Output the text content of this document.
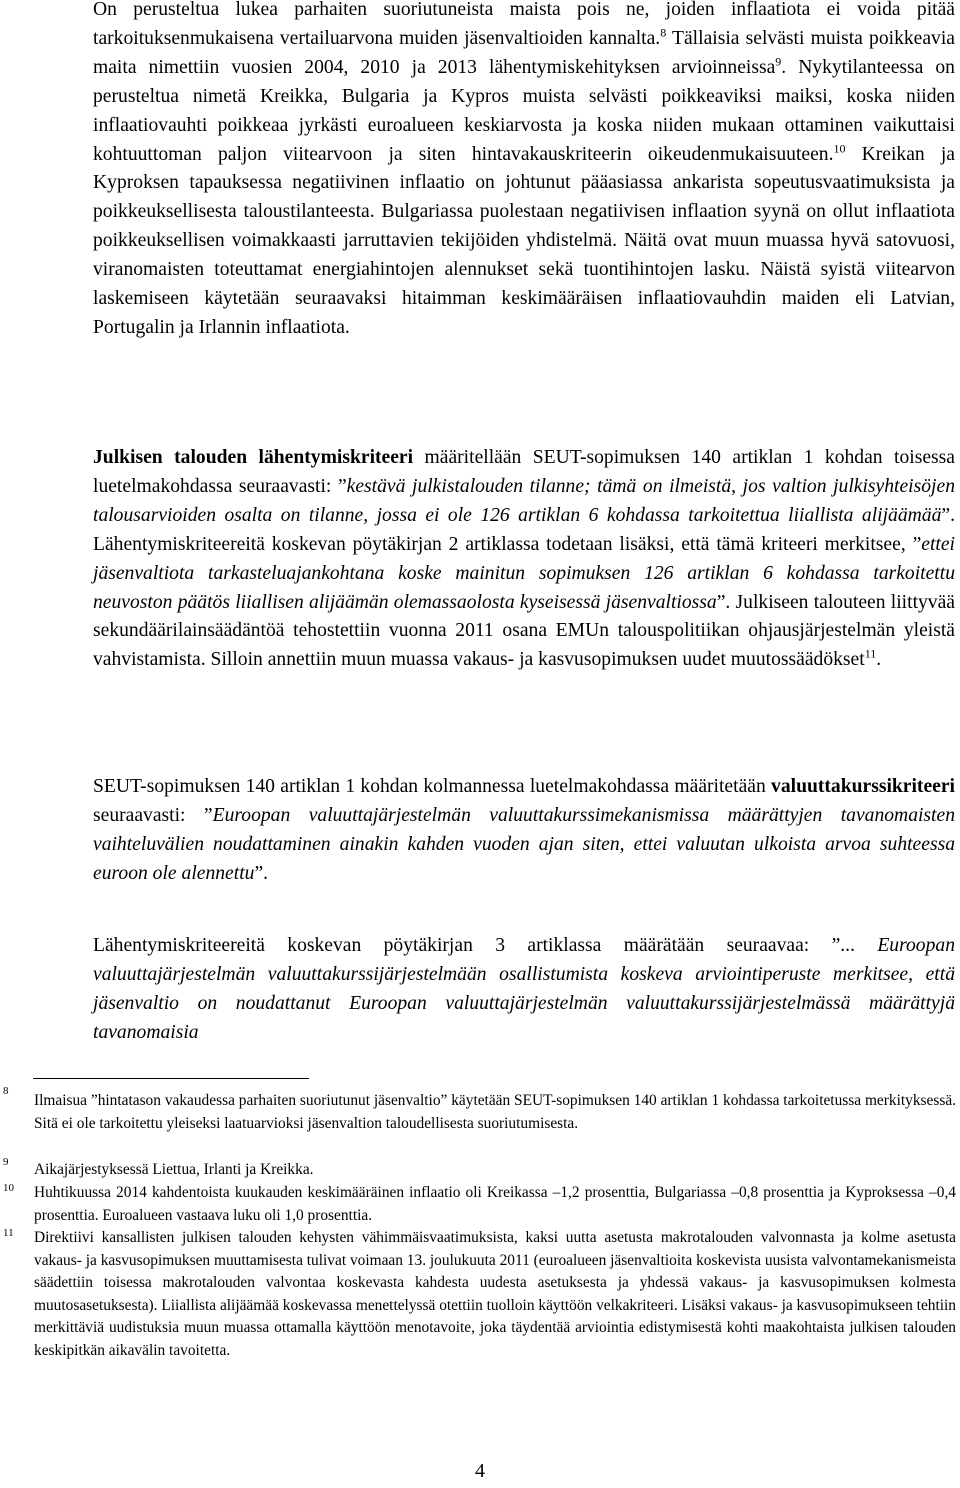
On perusteltua lukea parhaiten suoriutuneista maista pois ne, joiden inflaatiota ei voida pitää tarkoituksenmukaisena vertailuarvona muiden jäsenvaltioiden kannalta.$^8$ Tällaisia selvästi muista poikkeavia maita nimettiin vuosien 2004, 2010 ja 2013 lähentymiskehityksen arvioinneissa$^9$. Nykytilanteessa on perusteltua nimetä Kreikka, Bulgaria ja Kypros muista selvästi poikkeaviksi maiksi, koska niiden inflaatiovauhti poikkeaa jyrkästi euroalueen keskiarvosta ja koska niiden mukaan ottaminen vaikuttaisi kohtuuttoman paljon viitearvoon ja siten hintavakauskriteerin oikeudenmukaisuuteen.$^{10}$ Kreikan ja Kyproksen tapauksessa negatiivinen inflaatio on johtunut pääasiassa ankarista sopeutusvaatimuksista ja poikkeuksellisesta taloustilanteesta. Bulgariassa puolestaan negatiivisen inflaation syynä on ollut inflaatiota poikkeuksellisen voimakkaasti jarruttavien tekijöiden yhdistelmä. Näitä ovat muun muassa hyvä satovuosi, viranomaisten toteuttamat energiahintojen alennukset sekä tuontihintojen lasku. Näistä syistä viitearvon laskemiseen käytetään seuraavaksi hitaimman keskimääräisen inflaatiovauhdin maiden eli Latvian, Portugalin ja Irlannin inflaatiota.

Julkisen talouden lähentymiskriteeri määritellään SEUT-sopimuksen 140 artiklan 1 kohdan toisessa luetelmakohdassa seuraavasti: ”kestävä julkistalouden tilanne; tämä on ilmeistä, jos valtion julkisyhteisöjen talousarvioiden osalta on tilanne, jossa ei ole 126 artiklan 6 kohdassa tarkoitettua liiallista alijäämää”. Lähentymiskriteereitä koskevan pöytäkirjan 2 artiklassa todetaan lisäksi, että tämä kriteeri merkitsee, ”ettei jäsenvaltiota tarkasteluajankohtana koske mainitun sopimuksen 126 artiklan 6 kohdassa tarkoitettu neuvoston päätös liiallisen alijäämän olemassaolosta kyseisessä jäsenvaltiossa”. Julkiseen talouteen liittyvää sekundäärilainsäädäntöä tehostettiin vuonna 2011 osana EMUn talouspolitiikan ohjausjärjestelmän yleistä vahvistamista. Silloin annettiin muun muassa vakaus- ja kasvusopimuksen uudet muutossäädökset$^{11}$.

SEUT-sopimuksen 140 artiklan 1 kohdan kolmannessa luetelmakohdassa määritetään valuuttakurssikriteeri seuraavasti: ”Euroopan valuuttajärjestelmän valuuttakurssimekanismissa määrättyjen tavanomaisten vaihteluvälien noudattaminen ainakin kahden vuoden ajan siten, ettei valuutan ulkoista arvoa suhteessa euroon ole alennettu”.

Lähentymiskriteereitä koskevan pöytäkirjan 3 artiklassa määrätään seuraavaa: ”... Euroopan valuuttajärjestelmän valuuttakurssijärjestelmään osallistumista koskeva arviointiperuste merkitsee, että jäsenvaltio on noudattanut Euroopan valuuttajärjestelmän valuuttakurssijärjestelmässä määrättyjä tavanomaisia

8

Ilmaisua ”hintatason vakaudessa parhaiten suoriutunut jäsenvaltio” käytetään SEUT-sopimuksen 140 artiklan 1 kohdassa tarkoitetussa merkityksessä. Sitä ei ole tarkoitettu yleiseksi laatuarvioksi jäsenvaltion taloudellisesta suoriutumisesta.

9 Aikajärjestyksessä Liettua, Irlanti ja Kreikka.

10 Huhtikuussa 2014 kahdentoista kuukauden keskimääräinen inflaatio oli Kreikassa –1,2 prosenttia, Bulgariassa –0,8 prosenttia ja Kyproksessa –0,4 prosenttia. Euroalueen vastaava luku oli 1,0 prosenttia.

11 Direktiivi kansallisten julkisen talouden kehysten vähimmäisvaatimuksista, kaksi uutta asetusta makrotalouden valvonnasta ja kolme asetusta vakaus- ja kasvusopimuksen muuttamisesta tulivat voimaan 13. joulukuuta 2011 (euroalueen jäsenvaltioita koskevista uusista valvontamekanismeista säädettiin toisessa makrotalouden valvontaa koskevasta kahdesta uudesta asetuksesta ja yhdessä vakaus- ja kasvusopimuksen kolmesta muutosasetuksesta). Liiallista alijäämää koskevassa menettelyssä otettiin tuolloin käyttöön velkakriteeri. Lisäksi vakaus- ja kasvusopimukseen tehtiin merkittäviä uudistuksia muun muassa ottamalla käyttöön menotavoite, joka täydentää arviointia edistymisestä kohti maakohtaista julkisen talouden keskipitkän aikavälin tavoitetta.

4
